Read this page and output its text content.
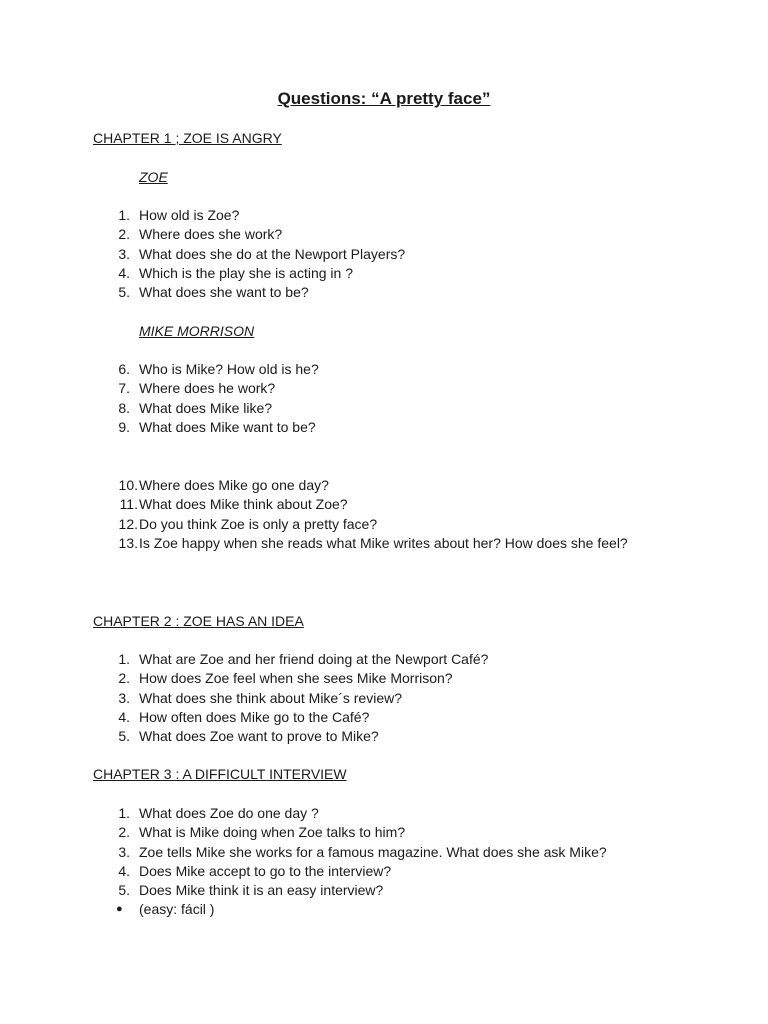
Questions: “A pretty face”
CHAPTER 1 ; ZOE IS ANGRY
ZOE
1. How old is Zoe?
2. Where does she work?
3. What does she do at the Newport Players?
4. Which is the play she is acting in ?
5. What does she want to be?
MIKE MORRISON
6. Who is Mike? How old is he?
7. Where does he work?
8. What does Mike like?
9. What does Mike want to be?
10. Where does Mike go one day?
11. What does Mike think about Zoe?
12. Do you think Zoe is only a pretty face?
13. Is Zoe happy when she reads what Mike writes about her? How does she feel?
CHAPTER 2 : ZOE HAS AN IDEA
1. What are Zoe and her friend doing at the Newport Café?
2. How does Zoe feel when she sees Mike Morrison?
3. What does she think about Mike´s review?
4. How often does Mike go to the Café?
5. What does Zoe want to prove to Mike?
CHAPTER 3 : A DIFFICULT INTERVIEW
1. What does Zoe do one day ?
2. What is Mike doing when Zoe talks to him?
3. Zoe tells Mike she works for a famous magazine. What does she ask Mike?
4. Does Mike accept to go to the interview?
5. Does Mike think it is an easy interview?
● (easy: fácil )
